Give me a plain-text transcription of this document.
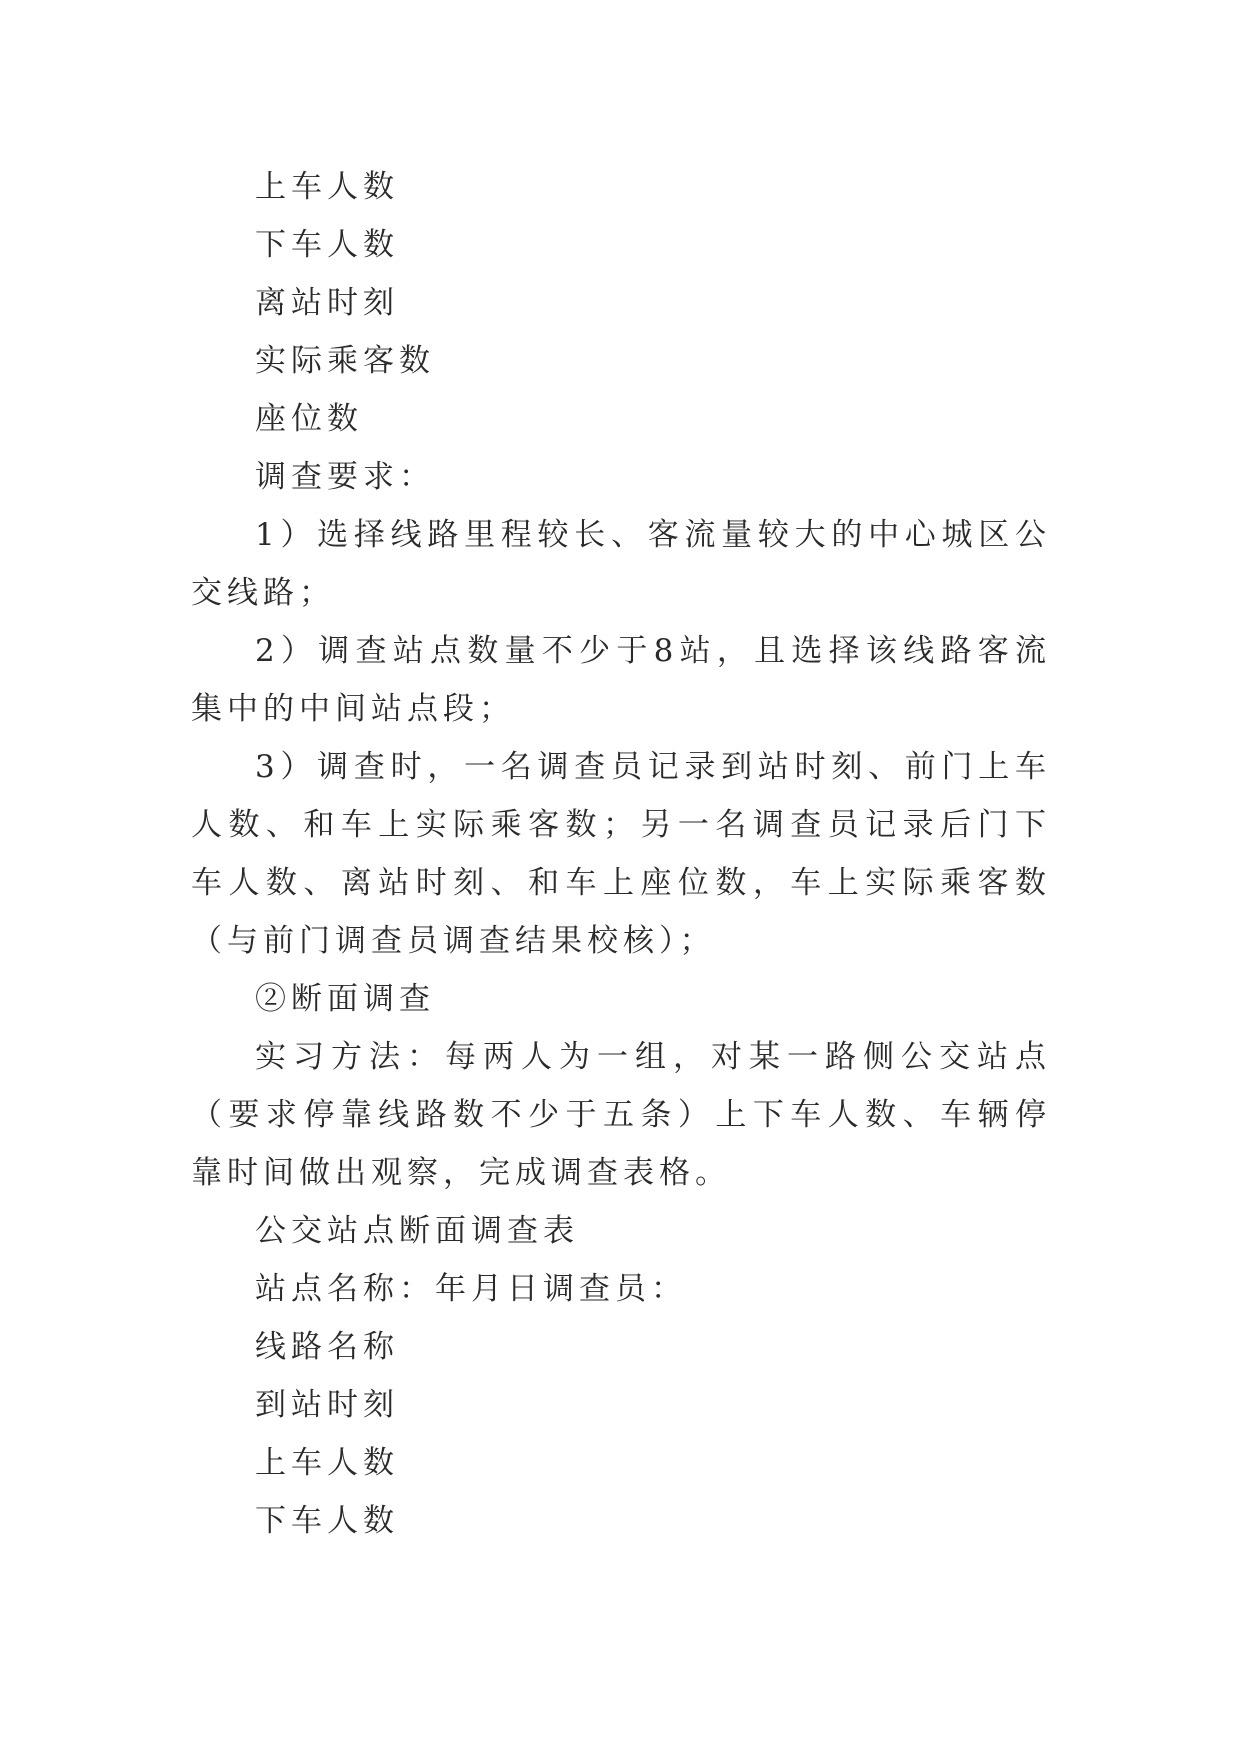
上车人数

下车人数

离站时刻

实际乘客数

座位数

调查要求：

1）选择线路里程较长、客流量较大的中心城区公交线路；

2）调查站点数量不少于8站，且选择该线路客流集中的中间站点段；

3）调查时，一名调查员记录到站时刻、前门上车人数、和车上实际乘客数；另一名调查员记录后门下车人数、离站时刻、和车上座位数，车上实际乘客数（与前门调查员调查结果校核）；

②断面调查

实习方法：每两人为一组，对某一路侧公交站点（要求停靠线路数不少于五条）上下车人数、车辆停靠时间做出观察，完成调查表格。

公交站点断面调查表

站点名称：年月日调查员：

线路名称

到站时刻

上车人数

下车人数
